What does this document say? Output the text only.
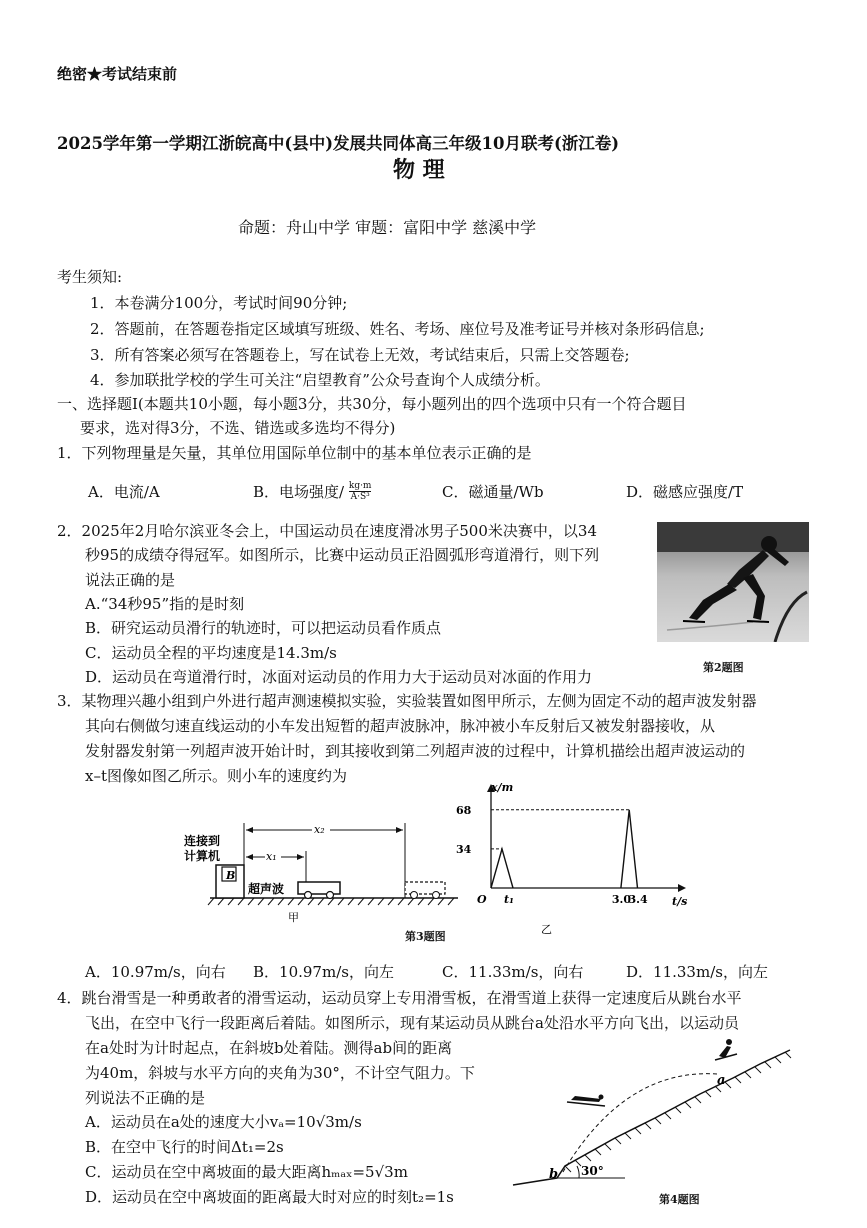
绝密★考试结束前
2025学年第一学期江浙皖高中(县中)发展共同体高三年级10月联考(浙江卷)
物 理
命题：舟山中学 审题：富阳中学 慈溪中学
考生须知:
1．本卷满分100分，考试时间90分钟;
2．答题前，在答题卷指定区域填写班级、姓名、考场、座位号及准考证号并核对条形码信息;
3．所有答案必须写在答题卷上，写在试卷上无效，考试结束后，只需上交答题卷;
4．参加联批学校的学生可关注“启望教育”公众号查询个人成绩分析。
一、选择题Ⅰ(本题共10小题，每小题3分，共30分，每小题列出的四个选项中只有一个符合题目
要求，选对得3分，不选、错选或多选均不得分)
1．下列物理量是矢量，其单位用国际单位制中的基本单位表示正确的是
A．电流/A	B．电场强度/ $\frac{kg\cdot m}{\text{A·S³}}$	C．磁通量/Wb	D．磁感应强度/T
2．2025年2月哈尔滨亚冬会上，中国运动员在速度滑冰男子500米决赛中，以34
秒95的成绩夺得冠军。如图所示，比赛中运动员正沿圆弧形弯道滑行，则下列
说法正确的是
A.“34秒95”指的是时刻
B．研究运动员滑行的轨迹时，可以把运动员看作质点
C．运动员全程的平均速度是14.3m/s
D．运动员在弯道滑行时，冰面对运动员的作用力大于运动员对冰面的作用力
第2题图
3．某物理兴趣小组到户外进行超声测速模拟实验，实验装置如图甲所示，左侧为固定不动的超声波发射器
其向右侧做匀速直线运动的小车发出短暂的超声波脉冲，脉冲被小车反射后又被发射器接收，从
发射器发射第一列超声波开始计时，到其接收到第二列超声波的过程中，计算机描绘出超声波运动的
x–t图像如图乙所示。则小车的速度约为
B
连接到
计算机
x₂
x₁
超声波
甲
第3题图
x/m
t/s
O
34
68
t₁	3.0
3.4
乙
A．10.97m/s，向右 B．10.97m/s，向左	C．11.33m/s，向右	D．11.33m/s，向左
4．跳台滑雪是一种勇敢者的滑雪运动，运动员穿上专用滑雪板，在滑雪道上获得一定速度后从跳台水平
飞出，在空中飞行一段距离后着陆。如图所示，现有某运动员从跳台a处沿水平方向飞出，以运动员
在a处时为计时起点，在斜坡b处着陆。测得ab间的距离
为40m，斜坡与水平方向的夹角为30°，不计空气阻力。下
列说法不正确的是
A．运动员在a处的速度大小vₐ=10√3m/s
B．在空中飞行的时间Δt₁=2s
C．运动员在空中离坡面的最大距离hₘₐₓ=5√3m
D．运动员在空中离坡面的距离最大时对应的时刻t₂=1s
30°
a
b
第4题图
